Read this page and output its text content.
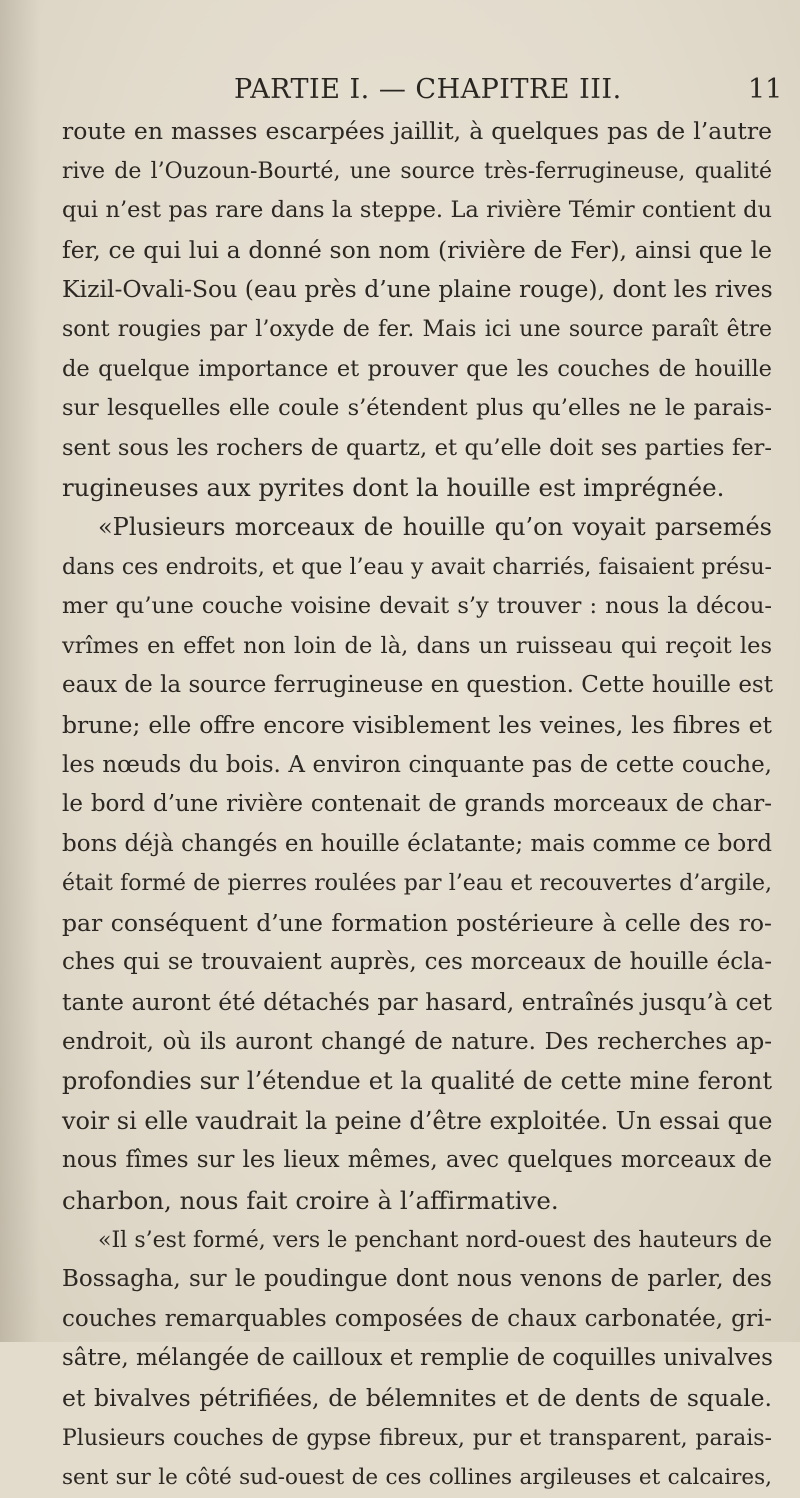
PARTIE I. — CHAPITRE III.	11
route en masses escarpées jaillit, à quelques pas de l’autre
rive de l’Ouzoun-Bourté, une source très-ferrugineuse, qualité
qui n’est pas rare dans la steppe. La rivière Témir contient du
fer, ce qui lui a donné son nom (rivière de Fer), ainsi que le
Kizil-Ovali-Sou (eau près d’une plaine rouge), dont les rives
sont rougies par l’oxyde de fer. Mais ici une source paraît être
de quelque importance et prouver que les couches de houille
sur lesquelles elle coule s’étendent plus qu’elles ne le parais-
sent sous les rochers de quartz, et qu’elle doit ses parties fer-
rugineuses aux pyrites dont la houille est imprégnée.
«Plusieurs morceaux de houille qu’on voyait parsemés
dans ces endroits, et que l’eau y avait charriés, faisaient présu-
mer qu’une couche voisine devait s’y trouver : nous la décou-
vrîmes en effet non loin de là, dans un ruisseau qui reçoit les
eaux de la source ferrugineuse en question. Cette houille est
brune; elle offre encore visiblement les veines, les fibres et
les nœuds du bois. A environ cinquante pas de cette couche,
le bord d’une rivière contenait de grands morceaux de char-
bons déjà changés en houille éclatante; mais comme ce bord
était formé de pierres roulées par l’eau et recouvertes d’argile,
par conséquent d’une formation postérieure à celle des ro-
ches qui se trouvaient auprès, ces morceaux de houille écla-
tante auront été détachés par hasard, entraînés jusqu’à cet
endroit, où ils auront changé de nature. Des recherches ap-
profondies sur l’étendue et la qualité de cette mine feront
voir si elle vaudrait la peine d’être exploitée. Un essai que
nous fîmes sur les lieux mêmes, avec quelques morceaux de
charbon, nous fait croire à l’affirmative.
«Il s’est formé, vers le penchant nord-ouest des hauteurs de
Bossagha, sur le poudingue dont nous venons de parler, des
couches remarquables composées de chaux carbonatée, gri-
sâtre, mélangée de cailloux et remplie de coquilles univalves
et bivalves pétrifiées, de bélemnites et de dents de squale.
Plusieurs couches de gypse fibreux, pur et transparent, parais-
sent sur le côté sud-ouest de ces collines argileuses et calcaires,
